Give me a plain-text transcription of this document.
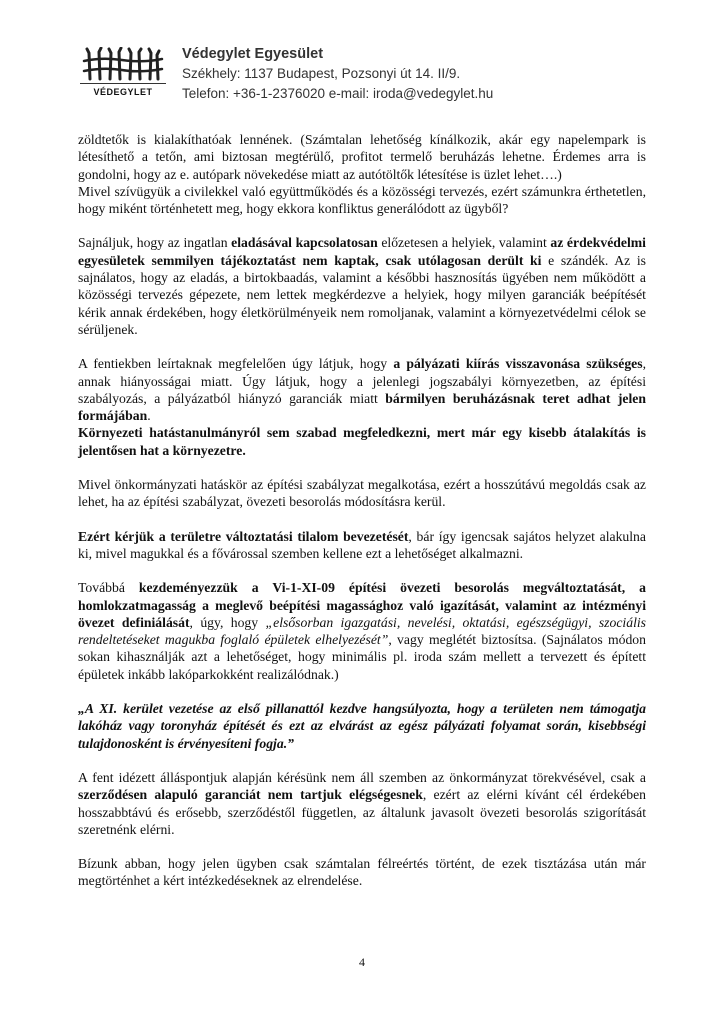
VÉDEGYLET
Védegylet Egyesület
Székhely: 1137 Budapest, Pozsonyi út 14. II/9.
Telefon: +36-1-2376020 e-mail: iroda@vedegylet.hu

zöldtetők is kialakíthatóak lennének. (Számtalan lehetőség kínálkozik, akár egy napelempark is létesíthető a tetőn, ami biztosan megtérülő, profitot termelő beruházás lehetne. Érdemes arra is gondolni, hogy az e. autópark növekedése miatt az autótöltők létesítése is üzlet lehet….)

Mivel szívügyük a civilekkel való együttműködés és a közösségi tervezés, ezért számunkra érthetetlen, hogy miként történhetett meg, hogy ekkora konfliktus generálódott az ügyből?

Sajnáljuk, hogy az ingatlan eladásával kapcsolatosan előzetesen a helyiek, valamint az érdekvédelmi egyesületek semmilyen tájékoztatást nem kaptak, csak utólagosan derült ki e szándék. Az is sajnálatos, hogy az eladás, a birtokbaadás, valamint a későbbi hasznosítás ügyében nem működött a közösségi tervezés gépezete, nem lettek megkérdezve a helyiek, hogy milyen garanciák beépítését kérik annak érdekében, hogy életkörülményeik nem romoljanak, valamint a környezetvédelmi célok se sérüljenek.

A fentiekben leírtaknak megfelelően úgy látjuk, hogy a pályázati kiírás visszavonása szükséges, annak hiányosságai miatt. Úgy látjuk, hogy a jelenlegi jogszabályi környezetben, az építési szabályozás, a pályázatból hiányzó garanciák miatt bármilyen beruházásnak teret adhat jelen formájában.

Környezeti hatástanulmányról sem szabad megfeledkezni, mert már egy kisebb átalakítás is jelentősen hat a környezetre.

Mivel önkormányzati hatáskör az építési szabályzat megalkotása, ezért a hosszútávú megoldás csak az lehet, ha az építési szabályzat, övezeti besorolás módosításra kerül.

Ezért kérjük a területre változtatási tilalom bevezetését, bár így igencsak sajátos helyzet alakulna ki, mivel magukkal és a fővárossal szemben kellene ezt a lehetőséget alkalmazni.

Továbbá kezdeményezzük a Vi-1-XI-09 építési övezeti besorolás megváltoztatását, a homlokzatmagasság a meglevő beépítési magassághoz való igazítását, valamint az intézményi övezet definiálását, úgy, hogy „elsősorban igazgatási, nevelési, oktatási, egészségügyi, szociális rendeltetéseket magukba foglaló épületek elhelyezését”, vagy meglétét biztosítsa. (Sajnálatos módon sokan kihasználják azt a lehetőséget, hogy minimális pl. iroda szám mellett a tervezett és épített épületek inkább lakóparkokként realizálódnak.)

„A XI. kerület vezetése az első pillanattól kezdve hangsúlyozta, hogy a területen nem támogatja lakóház vagy toronyház építését és ezt az elvárást az egész pályázati folyamat során, kisebbségi tulajdonosként is érvényesíteni fogja.”

A fent idézett álláspontjuk alapján kérésünk nem áll szemben az önkormányzat törekvésével, csak a szerződésen alapuló garanciát nem tartjuk elégségesnek, ezért az elérni kívánt cél érdekében hosszabbtávú és erősebb, szerződéstől független, az általunk javasolt övezeti besorolás szigorítását szeretnénk elérni.

Bízunk abban, hogy jelen ügyben csak számtalan félreértés történt, de ezek tisztázása után már megtörténhet a kért intézkedéseknek az elrendelése.

4
